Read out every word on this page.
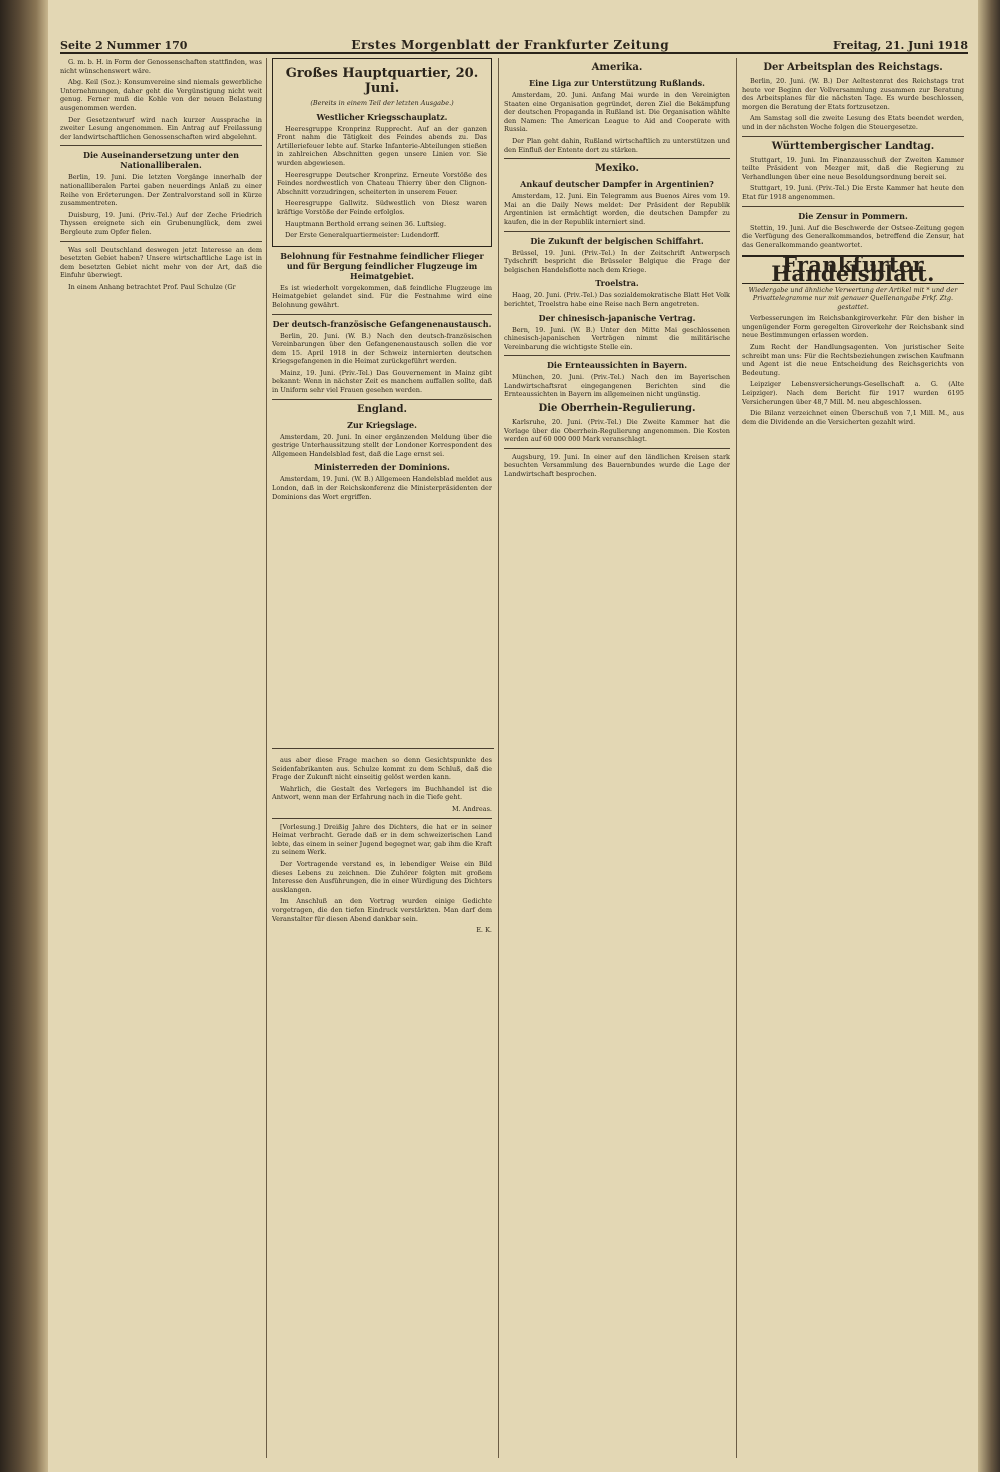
Seite 2 Nummer 170	Erstes Morgenblatt der Frankfurter Zeitung	Freitag, 21. Juni 1918

G. m. b. H. in Form der Genossenschaften stattfinden, was nicht wünschenswert wäre.

Abg. Keil (Soz.): Konsumvereine sind niemals gewerbliche Unternehmungen, daher geht die Vergünstigung nicht weit genug. Ferner muß die Kohle von der neuen Belastung ausgenommen werden.

Der Gesetzentwurf wird nach kurzer Aussprache in zweiter Lesung angenommen. Ein Antrag auf Freilassung der landwirtschaftlichen Genossenschaften wird abgelehnt.

Die Auseinandersetzung unter den Nationalliberalen.

Berlin, 19. Juni. Die letzten Vorgänge innerhalb der nationalliberalen Partei gaben neuerdings Anlaß zu einer Reihe von Erörterungen. Der Zentralvorstand soll in Kürze zusammentreten.

Duisburg, 19. Juni. (Priv.-Tel.) Auf der Zeche Friedrich Thyssen ereignete sich ein Grubenunglück, dem zwei Bergleute zum Opfer fielen.

Was soll Deutschland deswegen jetzt Interesse an dem besetzten Gebiet haben? Unsere wirtschaftliche Lage ist in dem besetzten Gebiet nicht mehr von der Art, daß die Einfuhr überwiegt.

In einem Anhang betrachtet Prof. Paul Schulze (Gr

Großes Hauptquartier, 20. Juni.
(Bereits in einem Teil der letzten Ausgabe.)
Westlicher Kriegsschauplatz.

Heeresgruppe Kronprinz Rupprecht. Auf an der ganzen Front nahm die Tätigkeit des Feindes abends zu. Das Artilleriefeuer lebte auf. Starke Infanterie-Abteilungen stießen in zahlreichen Abschnitten gegen unsere Linien vor. Sie wurden abgewiesen.

Heeresgruppe Deutscher Kronprinz. Erneute Vorstöße des Feindes nordwestlich von Chateau Thierry über den Clignon-Abschnitt vorzudringen, scheiterten in unserem Feuer.

Heeresgruppe Gallwitz. Südwestlich von Diesz waren kräftige Vorstöße der Feinde erfolglos.

Hauptmann Berthold errang seinen 36. Luftsieg.

Der Erste Generalquartiermeister: Ludendorff.

Belohnung für Festnahme feindlicher Flieger und für Bergung feindlicher Flugzeuge im Heimatgebiet.

Es ist wiederholt vorgekommen, daß feindliche Flugzeuge im Heimatgebiet gelandet sind. Für die Festnahme wird eine Belohnung gewährt.

Der deutsch-französische Gefangenenaustausch.

Berlin, 20. Juni. (W. B.) Nach den deutsch-französischen Vereinbarungen über den Gefangenenaustausch sollen die vor dem 15. April 1918 in der Schweiz internierten deutschen Kriegsgefangenen in die Heimat zurückgeführt werden.

Mainz, 19. Juni. (Priv.-Tel.) Das Gouvernement in Mainz gibt bekannt: Wenn in nächster Zeit es manchem auffallen sollte, daß in Uniform sehr viel Frauen gesehen werden.

England.
Zur Kriegslage.

Amsterdam, 20. Juni. In einer ergänzenden Meldung über die gestrige Unterhaussitzung stellt der Londoner Korrespondent des Allgemeen Handelsblad fest, daß die Lage ernst sei.

Ministerreden der Dominions.

Amsterdam, 19. Juni. (W. B.) Allgemeen Handelsblad meldet aus London, daß in der Reichskonferenz die Ministerpräsidenten der Dominions das Wort ergriffen.

aus aber diese Frage machen so denn Gesichtspunkte des Seidenfabrikanten aus. Schulze kommt zu dem Schluß, daß die Frage der Zukunft nicht einseitig gelöst werden kann.

Wahrlich, die Gestalt des Verlegers im Buchhandel ist die Antwort, wenn man der Erfahrung nach in die Tiefe geht.

M. Andreas.

[Vorlesung.] Dreißig Jahre des Dichters, die hat er in seiner Heimat verbracht. Gerade daß er in dem schweizerischen Land lebte, das einem in seiner Jugend begegnet war, gab ihm die Kraft zu seinem Werk.

Der Vortragende verstand es, in lebendiger Weise ein Bild dieses Lebens zu zeichnen. Die Zuhörer folgten mit großem Interesse den Ausführungen, die in einer Würdigung des Dichters ausklangen.

Im Anschluß an den Vortrag wurden einige Gedichte vorgetragen, die den tiefen Eindruck verstärkten. Man darf dem Veranstalter für diesen Abend dankbar sein.

E. K.

Amerika.
Eine Liga zur Unterstützung Rußlands.

Amsterdam, 20. Juni. Anfang Mai wurde in den Vereinigten Staaten eine Organisation gegründet, deren Ziel die Bekämpfung der deutschen Propaganda in Rußland ist. Die Organisation wählte den Namen: The American League to Aid and Cooperate with Russia.

Der Plan geht dahin, Rußland wirtschaftlich zu unterstützen und den Einfluß der Entente dort zu stärken.

Mexiko.
Ankauf deutscher Dampfer in Argentinien?

Amsterdam, 12. Juni. Ein Telegramm aus Buenos Aires vom 19. Mai an die Daily News meldet: Der Präsident der Republik Argentinien ist ermächtigt worden, die deutschen Dampfer zu kaufen, die in der Republik interniert sind.

Die Zukunft der belgischen Schiffahrt.

Brüssel, 19. Juni. (Priv.-Tel.) In der Zeitschrift Antwerpsch Tydschrift bespricht die Brüsseler Belgique die Frage der belgischen Handelsflotte nach dem Kriege.

Troelstra.

Haag, 20. Juni. (Priv.-Tel.) Das sozialdemokratische Blatt Het Volk berichtet, Troelstra habe eine Reise nach Bern angetreten.

Der chinesisch-japanische Vertrag.

Bern, 19. Juni. (W. B.) Unter den Mitte Mai geschlossenen chinesisch-japanischen Verträgen nimmt die militärische Vereinbarung die wichtigste Stelle ein.

Die Ernteaussichten in Bayern.

München, 20. Juni. (Priv.-Tel.) Nach den im Bayerischen Landwirtschaftsrat eingegangenen Berichten sind die Ernteaussichten in Bayern im allgemeinen nicht ungünstig.

Die Oberrhein-Regulierung.

Karlsruhe, 20. Juni. (Priv.-Tel.) Die Zweite Kammer hat die Vorlage über die Oberrhein-Regulierung angenommen. Die Kosten werden auf 60 000 000 Mark veranschlagt.

Augsburg, 19. Juni. In einer auf den ländlichen Kreisen stark besuchten Versammlung des Bauernbundes wurde die Lage der Landwirtschaft besprochen.

Der Arbeitsplan des Reichstags.

Berlin, 20. Juni. (W. B.) Der Aeltestenrat des Reichstags trat heute vor Beginn der Vollversammlung zusammen zur Beratung des Arbeitsplanes für die nächsten Tage. Es wurde beschlossen, morgen die Beratung der Etats fortzusetzen.

Am Samstag soll die zweite Lesung des Etats beendet werden, und in der nächsten Woche folgen die Steuergesetze.

Württembergischer Landtag.

Stuttgart, 19. Juni. Im Finanzausschuß der Zweiten Kammer teilte Präsident von Mezger mit, daß die Regierung zu Verhandlungen über eine neue Besoldungsordnung bereit sei.

Stuttgart, 19. Juni. (Priv.-Tel.) Die Erste Kammer hat heute den Etat für 1918 angenommen.

Die Zensur in Pommern.

Stettin, 19. Juni. Auf die Beschwerde der Ostsee-Zeitung gegen die Verfügung des Generalkommandos, betreffend die Zensur, hat das Generalkommando geantwortet.

Frankfurter Handelsblatt.
Wiedergabe und ähnliche Verwertung der Artikel mit * und der Privattelegramme nur mit genauer Quellenangabe Frkf. Ztg. gestattet.

Verbesserungen im Reichsbankgiroverkehr. Für den bisher in ungenügender Form geregelten Giroverkehr der Reichsbank sind neue Bestimmungen erlassen worden.

Zum Recht der Handlungsagenten. Von juristischer Seite schreibt man uns: Für die Rechtsbeziehungen zwischen Kaufmann und Agent ist die neue Entscheidung des Reichsgerichts von Bedeutung.

Leipziger Lebensversicherungs-Gesellschaft a. G. (Alte Leipziger). Nach dem Bericht für 1917 wurden 6195 Versicherungen über 48,7 Mill. M. neu abgeschlossen.

Die Bilanz verzeichnet einen Überschuß von 7,1 Mill. M., aus dem die Dividende an die Versicherten gezahlt wird.
